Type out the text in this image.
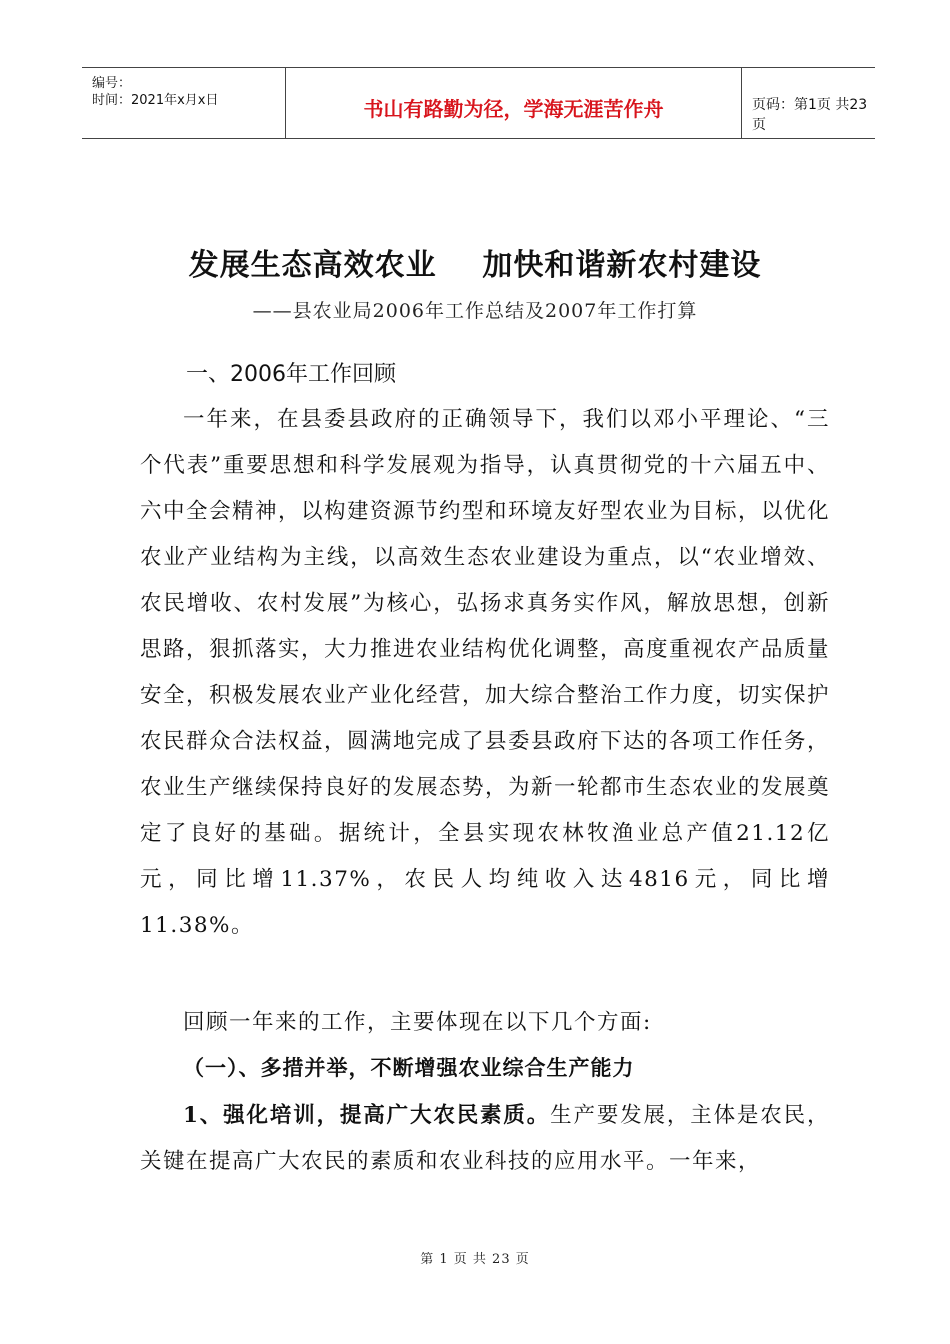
编号：
时间：2021年x月x日	书山有路勤为径，学海无涯苦作舟	页码：第1页 共23页
发展生态高效农业    加快和谐新农村建设
——县农业局2006年工作总结及2007年工作打算
一、2006年工作回顾
一年来，在县委县政府的正确领导下，我们以邓小平理论、“三个代表”重要思想和科学发展观为指导，认真贯彻党的十六届五中、六中全会精神，以构建资源节约型和环境友好型农业为目标，以优化农业产业结构为主线，以高效生态农业建设为重点，以“农业增效、农民增收、农村发展”为核心，弘扬求真务实作风，解放思想，创新思路，狠抓落实，大力推进农业结构优化调整，高度重视农产品质量安全，积极发展农业产业化经营，加大综合整治工作力度，切实保护农民群众合法权益，圆满地完成了县委县政府下达的各项工作任务，农业生产继续保持良好的发展态势，为新一轮都市生态农业的发展奠定了良好的基础。据统计，全县实现农林牧渔业总产值21.12亿元，同比增11.37%，农民人均纯收入达4816元，同比增11.38%。
回顾一年来的工作，主要体现在以下几个方面:
（一）、多措并举，不断增强农业综合生产能力
1、强化培训，提高广大农民素质。生产要发展，主体是农民，关键在提高广大农民的素质和农业科技的应用水平。一年来，
第 1 页 共 23 页
